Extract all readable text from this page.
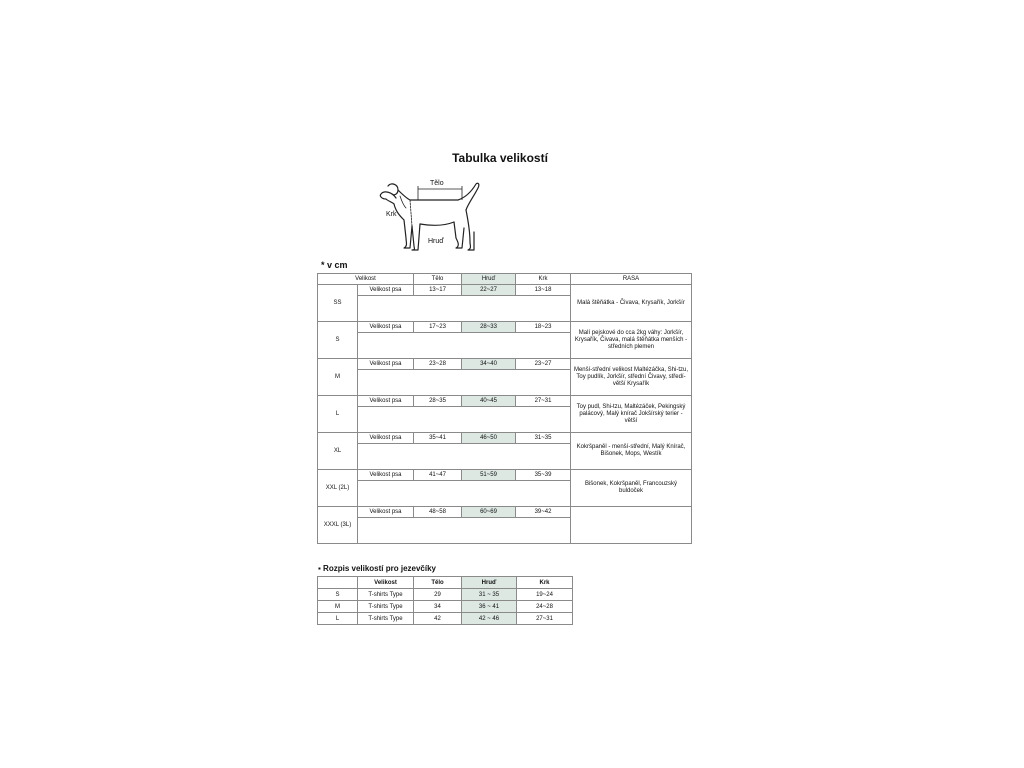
Tabulka velikostí
Tělo
Krk
Hruď
* v cm
Velikost		Tělo	Hruď	Krk	RASA
SS	Velikost psa	13~17	22~27	13~18	Malá štěňátka - Čivava, Krysařík, Jorkšír

S	Velikost psa	17~23	28~33	18~23	Malí pejskové do cca 2kg váhy: Jorkšír, Krysařík, Čivava, malá štěňátka menších - středních plemen

M	Velikost psa	23~28	34~40	23~27	Menší-střední velikost Maltézáčka, Shi-tzu, Toy pudlík, Jorkšír, střední Čivavy, středí-větší Krysařík

L	Velikost psa	28~35	40~45	27~31	Toy pudl, Shi-tzu, Maltézáček, Pekingský palácový, Malý knírač Jokšírský terier - větší

XL	Velikost psa	35~41	46~50	31~35	Kokršpaněl - menší-střední, Malý Knírač, Bišonek, Mops, Westík

XXL (2L)	Velikost psa	41~47	51~59	35~39	Bišonek, Kokršpaněl, Francouzský buldoček

XXXL (3L)	Velikost psa	48~58	60~69	39~42	

▪ Rozpis velikostí pro jezevčíky
	Velikost	Tělo	Hruď	Krk
S	T-shirts Type	29	31 ~ 35	19~24
M	T-shirts Type	34	36 ~ 41	24~28
L	T-shirts Type	42	42 ~ 46	27~31
